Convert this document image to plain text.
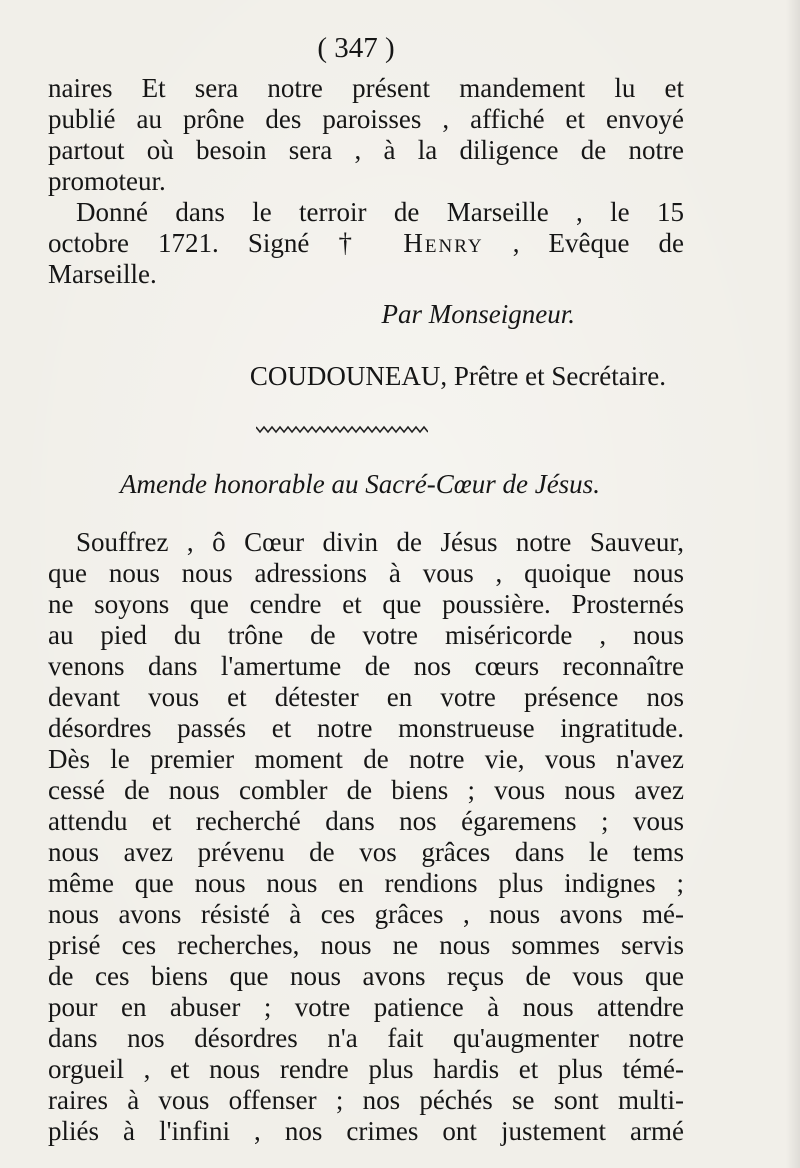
( 347 )
naires Et sera notre présent mandement lu et
publié au prône des paroisses , affiché et envoyé
partout où besoin sera , à la diligence de notre
promoteur.
Donné dans le terroir de Marseille , le 15
octobre 1721. Signé † Henry , Evêque de
Marseille.
Par Monseigneur.
COUDOUNEAU, Prêtre et Secrétaire.
Amende honorable au Sacré-Cœur de Jésus.
Souffrez , ô Cœur divin de Jésus notre Sauveur,
que nous nous adressions à vous , quoique nous
ne soyons que cendre et que poussière. Prosternés
au pied du trône de votre miséricorde , nous
venons dans l'amertume de nos cœurs reconnaître
devant vous et détester en votre présence nos
désordres passés et notre monstrueuse ingratitude.
Dès le premier moment de notre vie, vous n'avez
cessé de nous combler de biens ; vous nous avez
attendu et recherché dans nos égaremens ; vous
nous avez prévenu de vos grâces dans le tems
même que nous nous en rendions plus indignes ;
nous avons résisté à ces grâces , nous avons mé-
prisé ces recherches, nous ne nous sommes servis
de ces biens que nous avons reçus de vous que
pour en abuser ; votre patience à nous attendre
dans nos désordres n'a fait qu'augmenter notre
orgueil , et nous rendre plus hardis et plus témé-
raires à vous offenser ; nos péchés se sont multi-
pliés à l'infini , nos crimes ont justement armé
